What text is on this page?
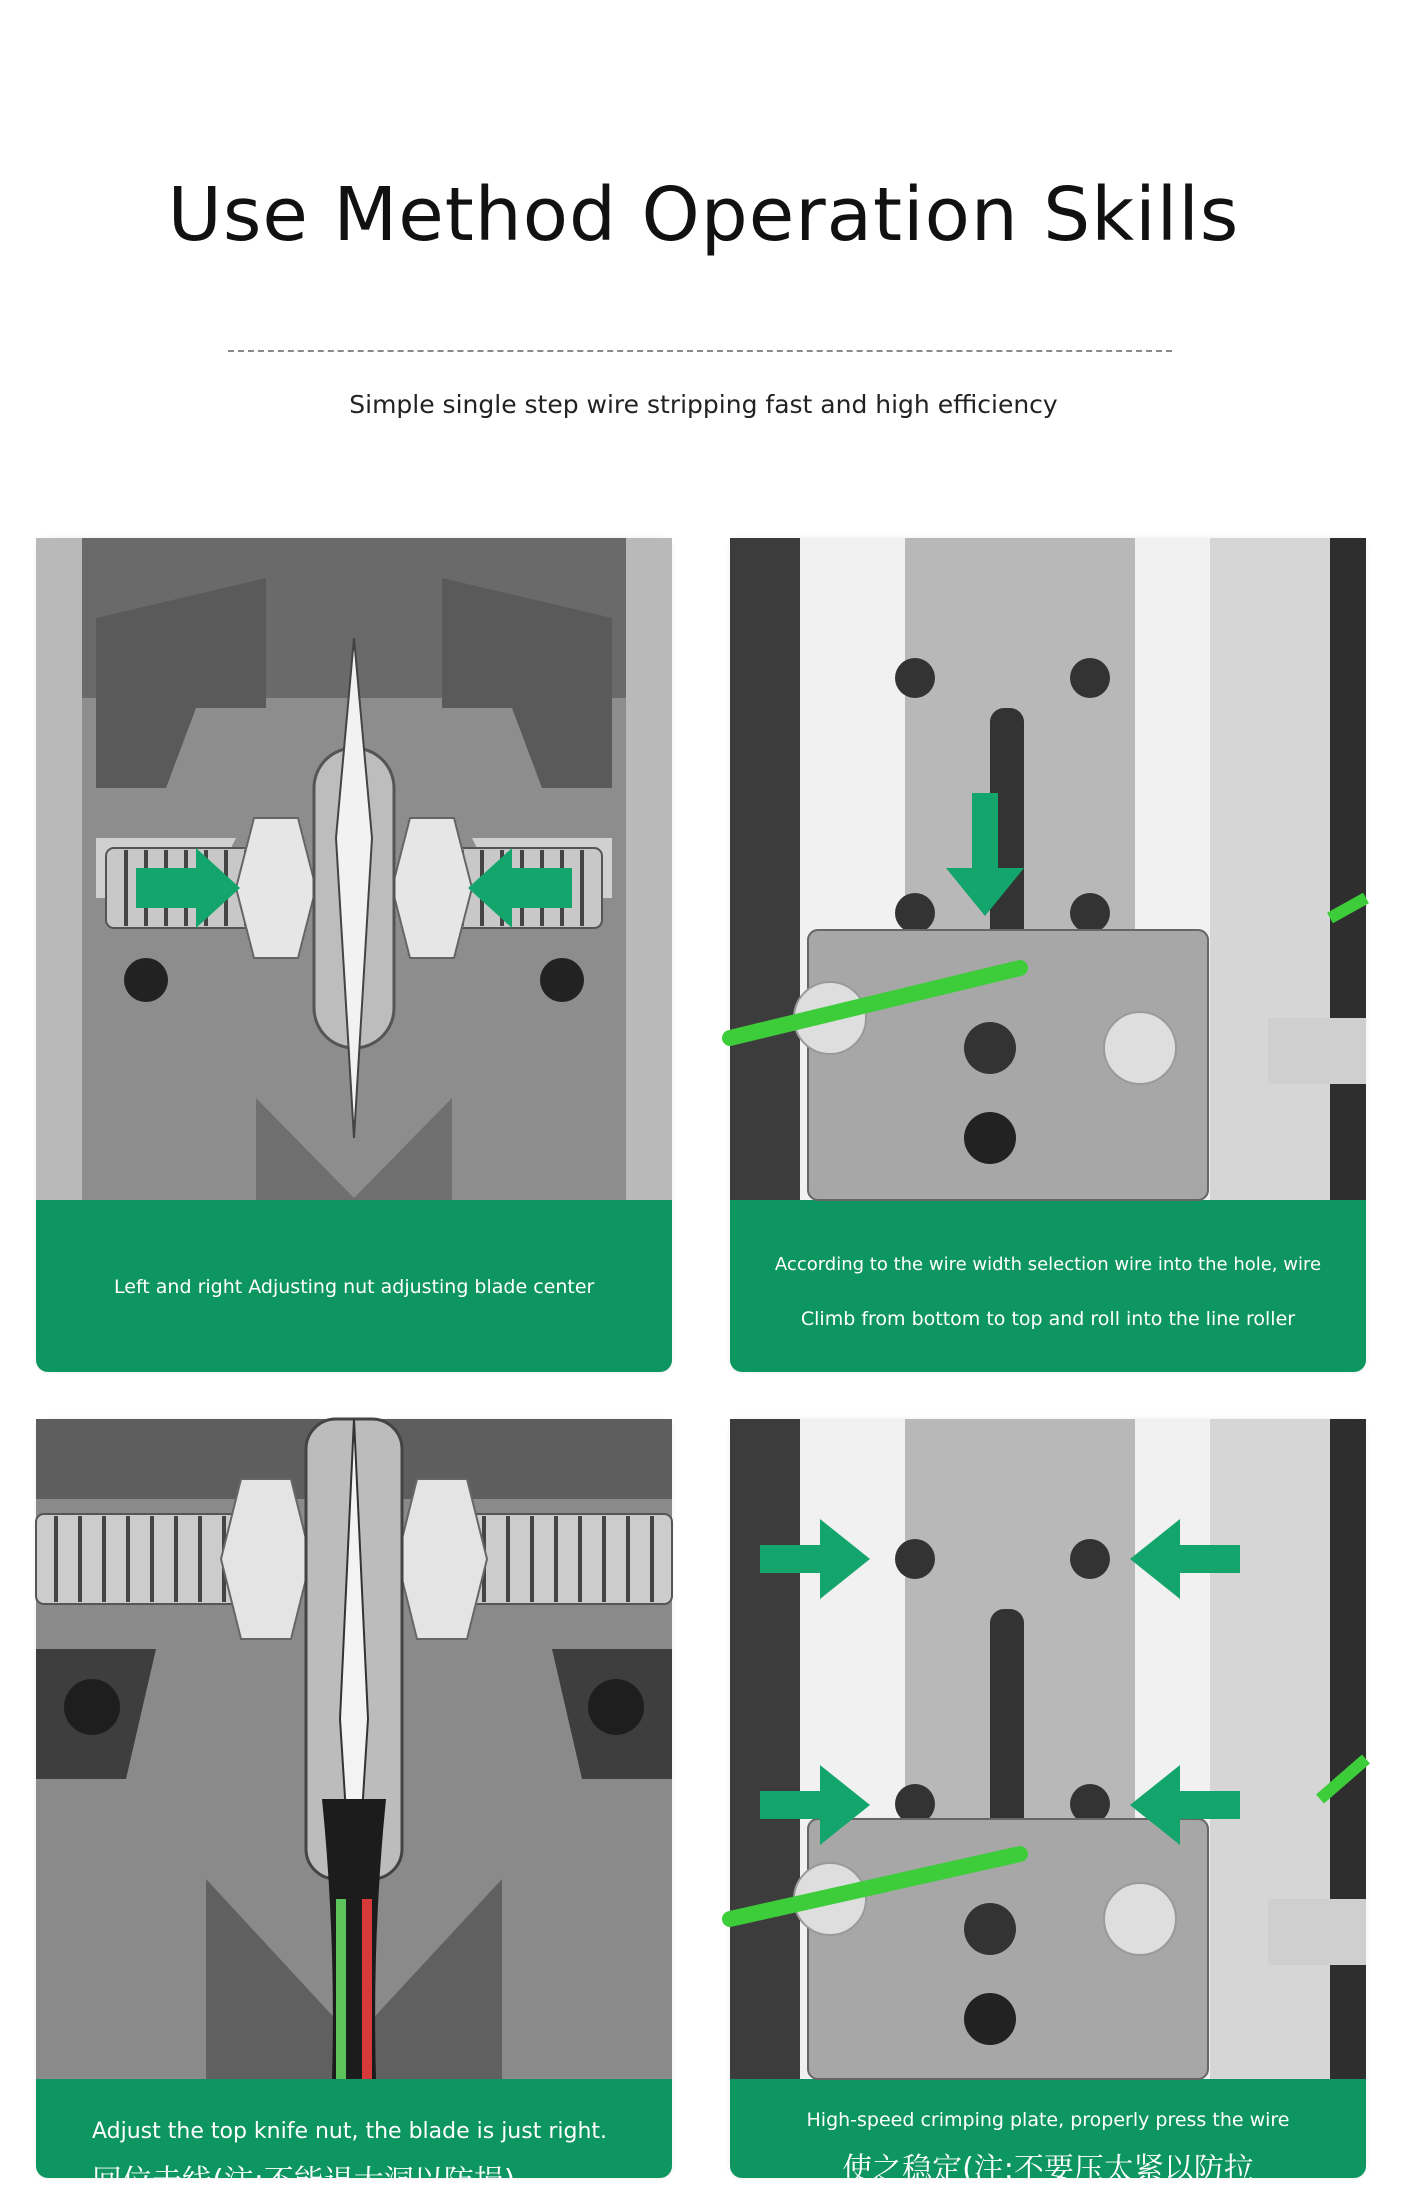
Use Method Operation Skills
Simple single step wire stripping fast and high efficiency
Left and right Adjusting nut adjusting blade center
According to the wire width selection wire into the hole, wire
Climb from bottom to top and roll into the line roller
Adjust the top knife nut, the blade is just right.
回位未线(注:不能退大洞以防损)
High-speed crimping plate, properly press the wire
使之稳定(注:不要压太紧以防拉
